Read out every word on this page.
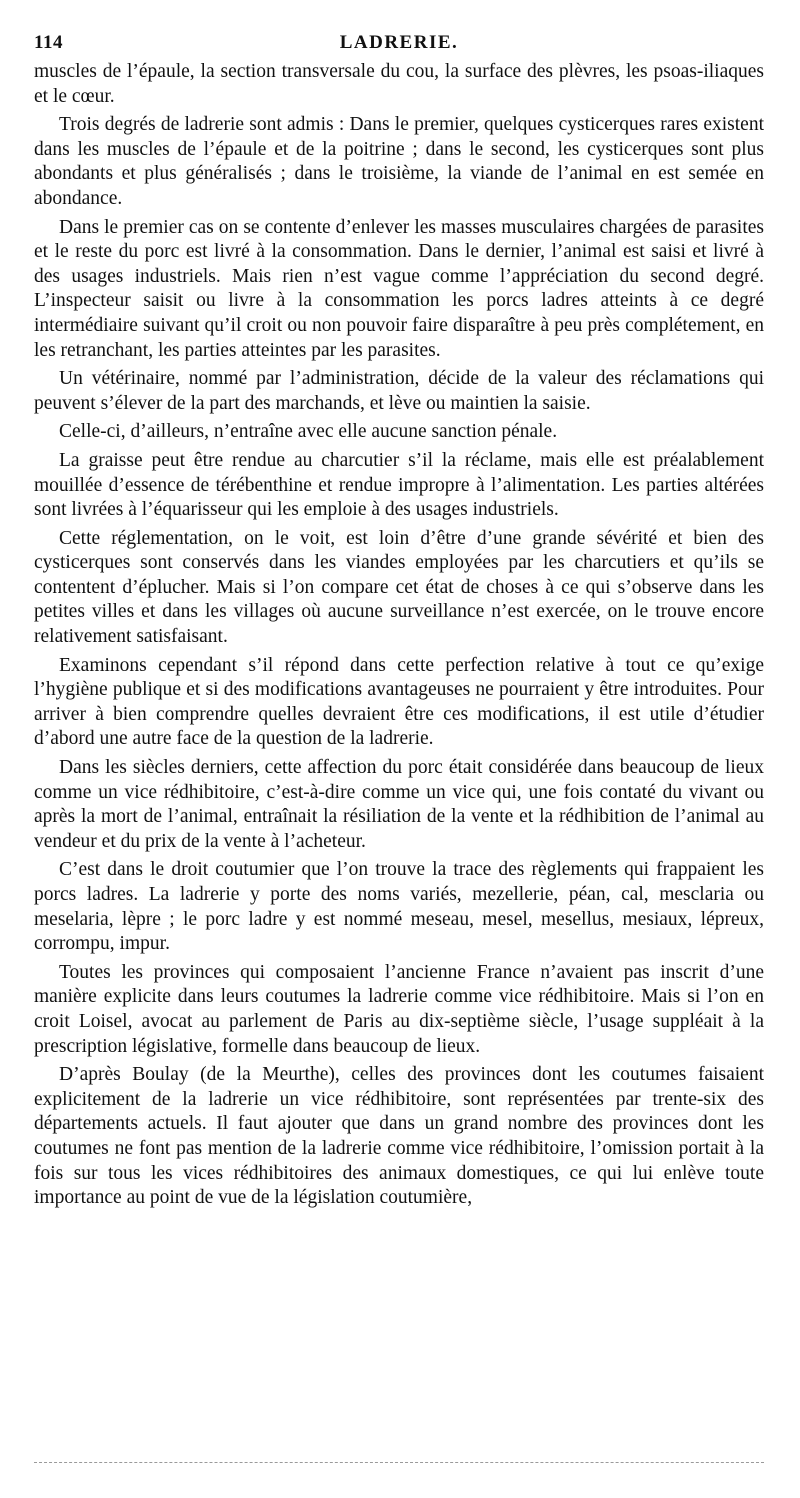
114	LADRERIE.

muscles de l’épaule, la section transversale du cou, la surface des plèvres, les psoas-iliaques et le cœur.

Trois degrés de ladrerie sont admis : Dans le premier, quelques cysticerques rares existent dans les muscles de l’épaule et de la poitrine ; dans le second, les cysticerques sont plus abondants et plus généralisés ; dans le troisième, la viande de l’animal en est semée en abondance.

Dans le premier cas on se contente d’enlever les masses musculaires chargées de parasites et le reste du porc est livré à la consommation. Dans le dernier, l’animal est saisi et livré à des usages industriels. Mais rien n’est vague comme l’appréciation du second degré. L’inspecteur saisit ou livre à la consommation les porcs ladres atteints à ce degré intermédiaire suivant qu’il croit ou non pouvoir faire disparaître à peu près complétement, en les retranchant, les parties atteintes par les parasites.

Un vétérinaire, nommé par l’administration, décide de la valeur des réclamations qui peuvent s’élever de la part des marchands, et lève ou maintien la saisie.

Celle-ci, d’ailleurs, n’entraîne avec elle aucune sanction pénale.

La graisse peut être rendue au charcutier s’il la réclame, mais elle est préalablement mouillée d’essence de térébenthine et rendue impropre à l’alimentation. Les parties altérées sont livrées à l’équarisseur qui les emploie à des usages industriels.

Cette réglementation, on le voit, est loin d’être d’une grande sévérité et bien des cysticerques sont conservés dans les viandes employées par les charcutiers et qu’ils se contentent d’éplucher. Mais si l’on compare cet état de choses à ce qui s’observe dans les petites villes et dans les villages où aucune surveillance n’est exercée, on le trouve encore relativement satisfaisant.

Examinons cependant s’il répond dans cette perfection relative à tout ce qu’exige l’hygiène publique et si des modifications avantageuses ne pourraient y être introduites. Pour arriver à bien comprendre quelles devraient être ces modifications, il est utile d’étudier d’abord une autre face de la question de la ladrerie.

Dans les siècles derniers, cette affection du porc était considérée dans beaucoup de lieux comme un vice rédhibitoire, c’est-à-dire comme un vice qui, une fois contaté du vivant ou après la mort de l’animal, entraînait la résiliation de la vente et la rédhibition de l’animal au vendeur et du prix de la vente à l’acheteur.

C’est dans le droit coutumier que l’on trouve la trace des règlements qui frappaient les porcs ladres. La ladrerie y porte des noms variés, mezellerie, péan, cal, mesclaria ou meselaria, lèpre ; le porc ladre y est nommé meseau, mesel, mesellus, mesiaux, lépreux, corrompu, impur.

Toutes les provinces qui composaient l’ancienne France n’avaient pas inscrit d’une manière explicite dans leurs coutumes la ladrerie comme vice rédhibitoire. Mais si l’on en croit Loisel, avocat au parlement de Paris au dix-septième siècle, l’usage suppléait à la prescription législative, formelle dans beaucoup de lieux.

D’après Boulay (de la Meurthe), celles des provinces dont les coutumes faisaient explicitement de la ladrerie un vice rédhibitoire, sont représentées par trente-six des départements actuels. Il faut ajouter que dans un grand nombre des provinces dont les coutumes ne font pas mention de la ladrerie comme vice rédhibitoire, l’omission portait à la fois sur tous les vices rédhibitoires des animaux domestiques, ce qui lui enlève toute importance au point de vue de la législation coutumière,
